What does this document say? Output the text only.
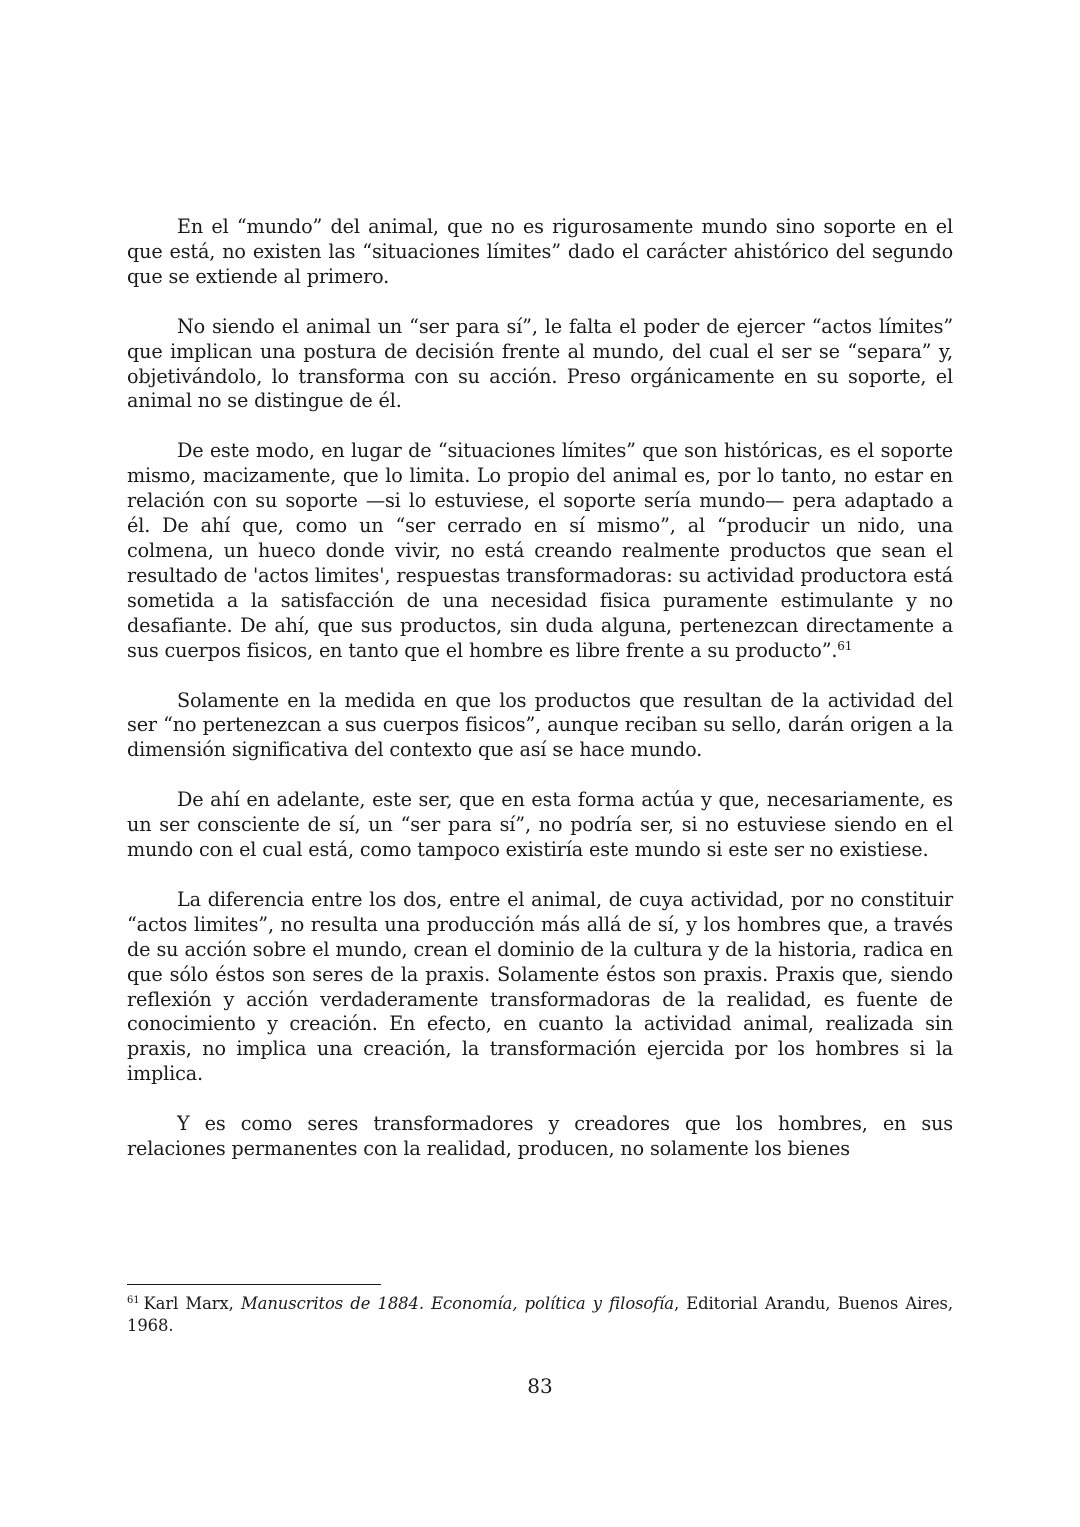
En el “mundo” del animal, que no es rigurosamente mundo sino soporte en el que está, no existen las “situaciones límites” dado el carácter ahistórico del segundo que se extiende al primero.

No siendo el animal un “ser para sí”, le falta el poder de ejercer “actos límites” que implican una postura de decisión frente al mundo, del cual el ser se “separa” y, objetivándolo, lo transforma con su acción. Preso orgánicamente en su soporte, el animal no se distingue de él.

De este modo, en lugar de “situaciones límites” que son históricas, es el soporte mismo, macizamente, que lo limita. Lo propio del animal es, por lo tanto, no estar en relación con su soporte —si lo estuviese, el soporte sería mundo— pera adaptado a él. De ahí que, como un “ser cerrado en sí mismo”, al “producir un nido, una colmena, un hueco donde vivir, no está creando realmente productos que sean el resultado de 'actos limites', respuestas transformadoras: su actividad productora está sometida a la satisfacción de una necesidad fisica puramente estimulante y no desafiante. De ahí, que sus productos, sin duda alguna, pertenezcan directamente a sus cuerpos fisicos, en tanto que el hombre es libre frente a su producto”.$^{61}$

Solamente en la medida en que los productos que resultan de la actividad del ser “no pertenezcan a sus cuerpos fisicos”, aunque reciban su sello, darán origen a la dimensión significativa del contexto que así se hace mundo.

De ahí en adelante, este ser, que en esta forma actúa y que, necesariamente, es un ser consciente de sí, un “ser para sí”, no podría ser, si no estuviese siendo en el mundo con el cual está, como tampoco existiría este mundo si este ser no existiese.

La diferencia entre los dos, entre el animal, de cuya actividad, por no constituir “actos limites”, no resulta una producción más allá de sí, y los hombres que, a través de su acción sobre el mundo, crean el dominio de la cultura y de la historia, radica en que sólo éstos son seres de la praxis. Solamente éstos son praxis. Praxis que, siendo reflexión y acción verdaderamente transformadoras de la realidad, es fuente de conocimiento y creación. En efecto, en cuanto la actividad animal, realizada sin praxis, no implica una creación, la transformación ejercida por los hombres si la implica.

Y es como seres transformadores y creadores que los hombres, en sus relaciones permanentes con la realidad, producen, no solamente los bienes

$^{61}$ Karl Marx, Manuscritos de 1884. Economía, política y filosofía, Editorial Arandu, Buenos Aires, 1968.
83
